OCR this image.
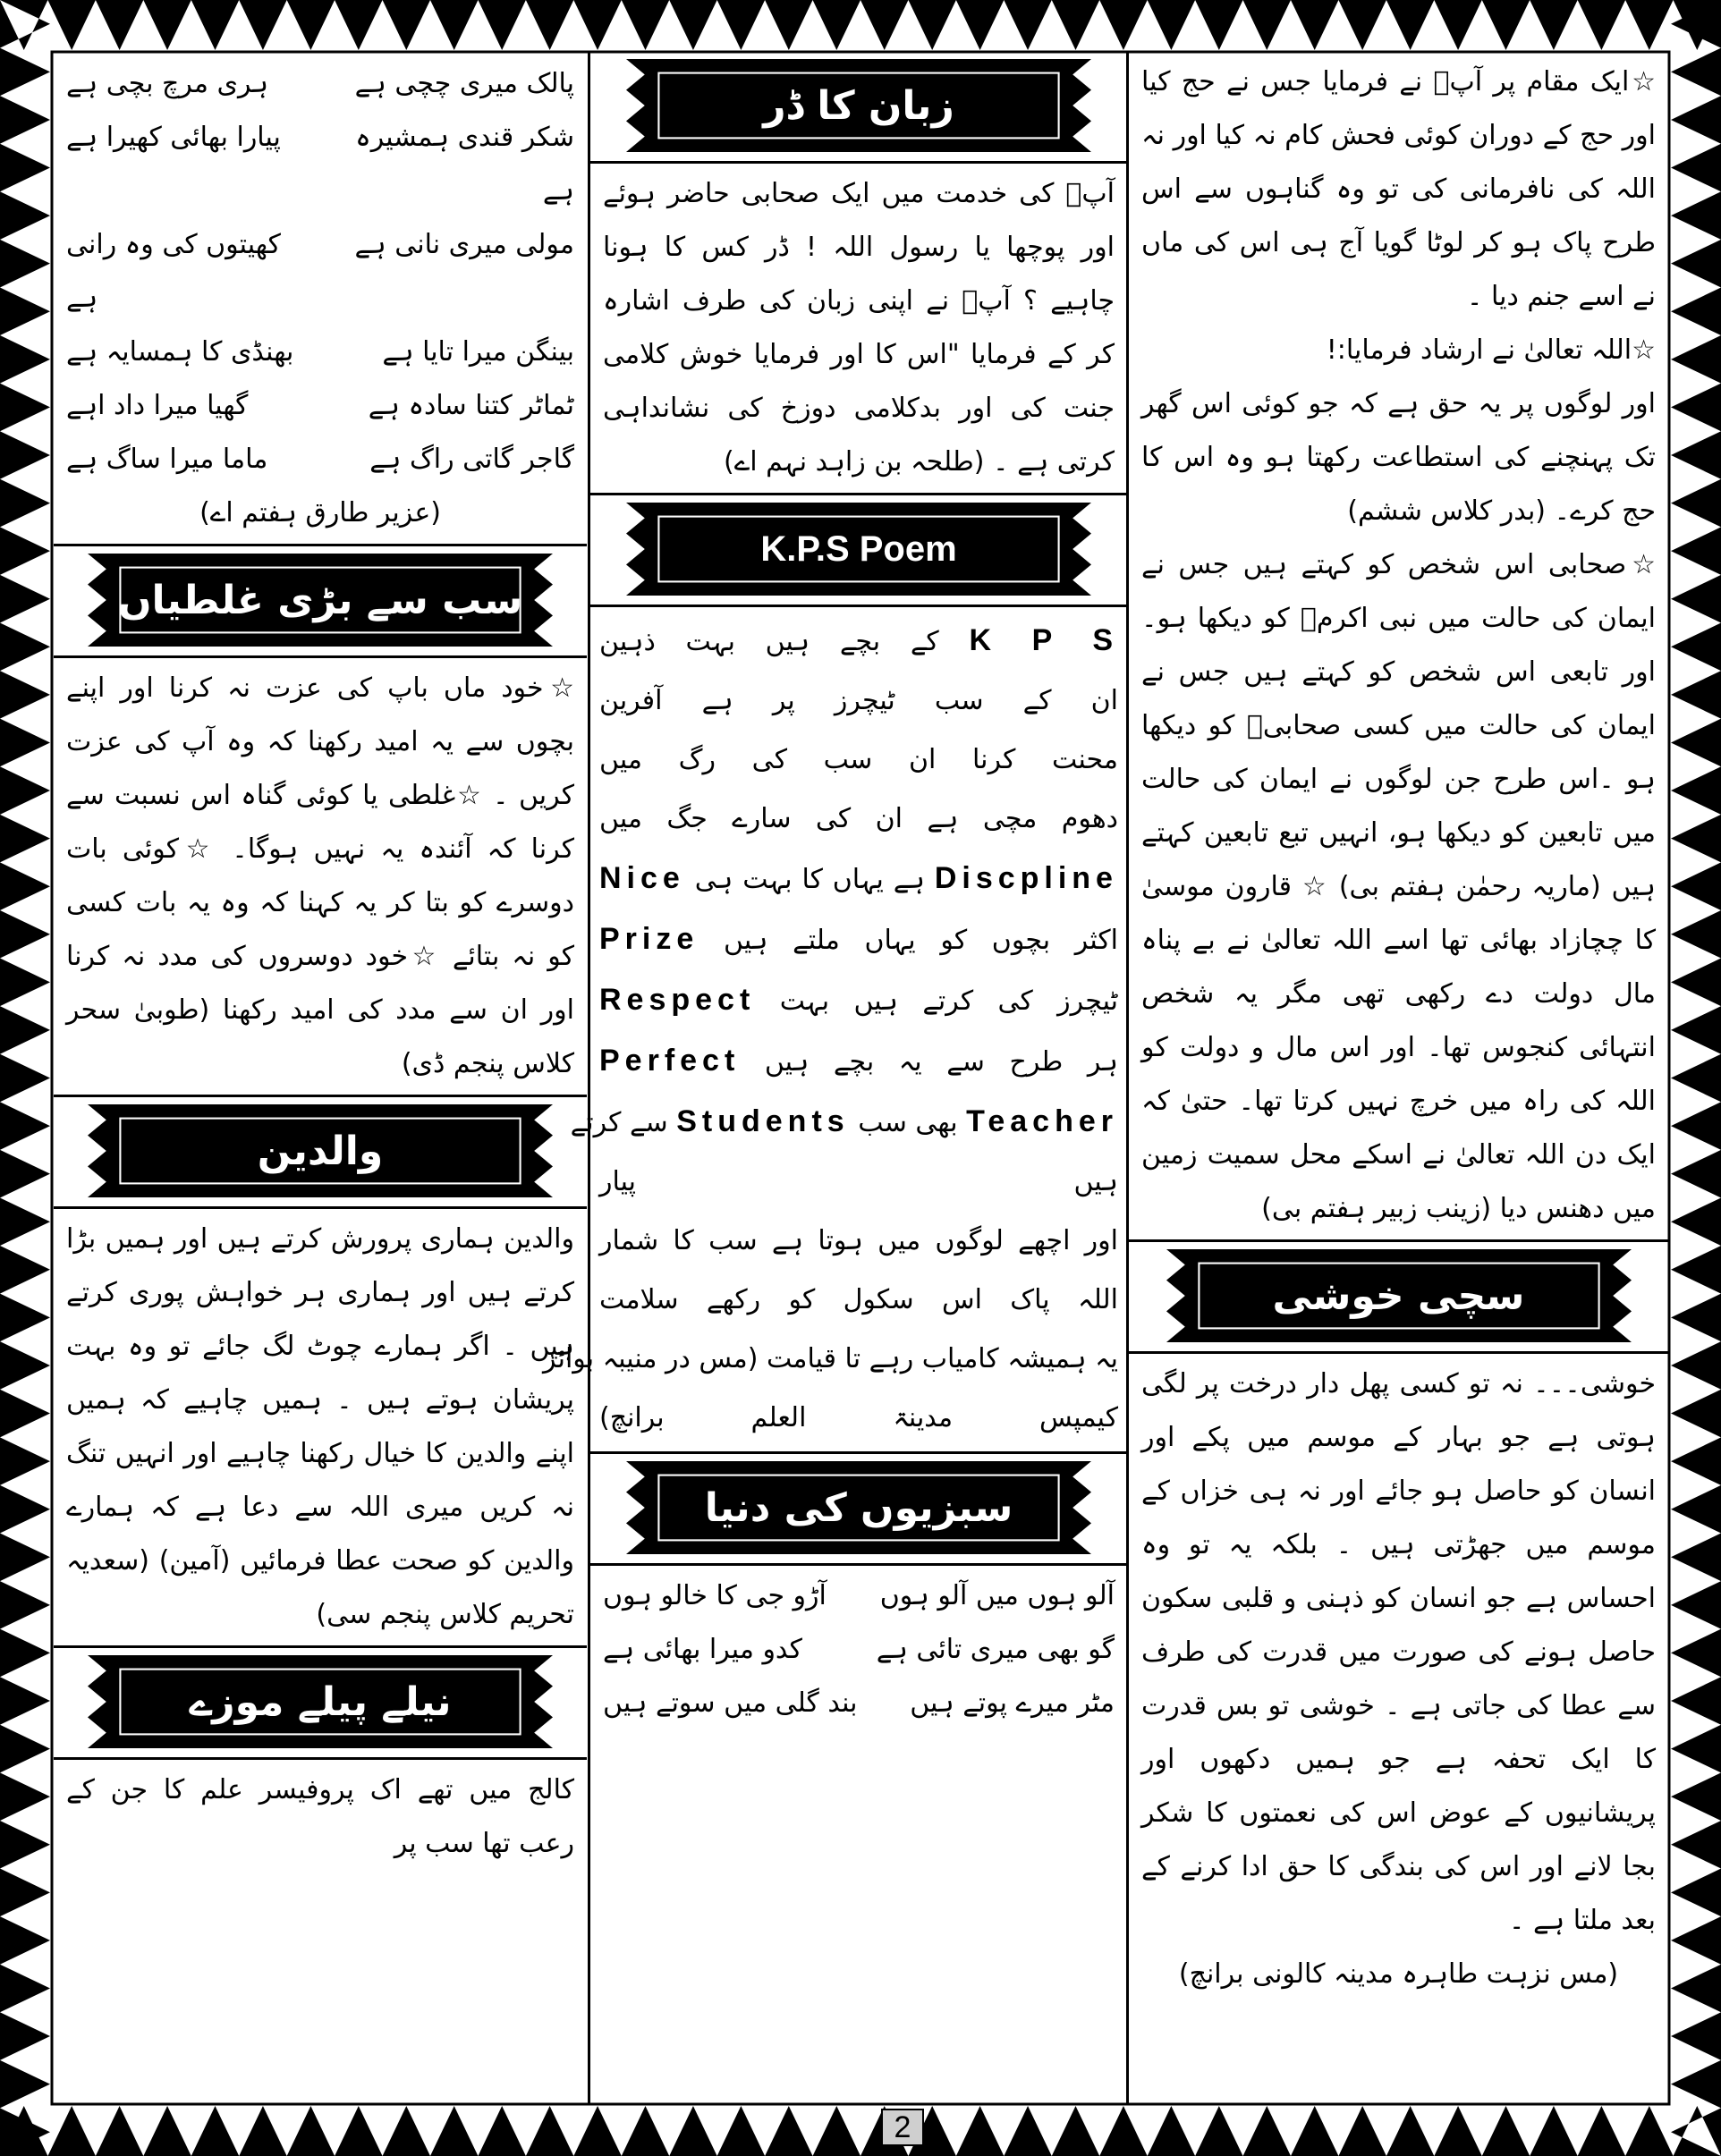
☆ایک مقام پر آپؐ نے فرمایا جس نے حج کیا اور حج کے دوران کوئی فحش کام نہ کیا اور نہ اللہ کی نافرمانی کی تو وہ گناہوں سے اس طرح پاک ہو کر لوٹا گویا آج ہی اس کی ماں نے اسے جنم دیا ۔

☆اللہ تعالیٰ نے ارشاد فرمایا:!

اور لوگوں پر یہ حق ہے کہ جو کوئی اس گھر تک پہنچنے کی استطاعت رکھتا ہو وہ اس کا حج کرے۔ (بدر کلاس ششم)

☆صحابی اس شخص کو کہتے ہیں جس نے ایمان کی حالت میں نبی اکرمؐ کو دیکھا ہو۔ اور تابعی اس شخص کو کہتے ہیں جس نے ایمان کی حالت میں کسی صحابیؓ کو دیکھا ہو ۔اس طرح جن لوگوں نے ایمان کی حالت میں تابعین کو دیکھا ہو، انہیں تبع تابعین کہتے ہیں (ماریہ رحمٰن ہفتم بی) ☆ قارون موسیٰ کا چچازاد بھائی تھا اسے اللہ تعالیٰ نے بے پناہ مال دولت دے رکھی تھی مگر یہ شخص انتہائی کنجوس تھا۔ اور اس مال و دولت کو اللہ کی راہ میں خرچ نہیں کرتا تھا۔ حتیٰ کہ ایک دن اللہ تعالیٰ نے اسکے محل سمیت زمین میں دھنس دیا (زینب زبیر ہفتم بی)

سچی خوشی

خوشی۔۔۔ نہ تو کسی پھل دار درخت پر لگی ہوتی ہے جو بہار کے موسم میں پکے اور انسان کو حاصل ہو جائے اور نہ ہی خزاں کے موسم میں جھڑتی ہیں ۔ بلکہ یہ تو وہ احساس ہے جو انسان کو ذہنی و قلبی سکون حاصل ہونے کی صورت میں قدرت کی طرف سے عطا کی جاتی ہے ۔ خوشی تو بس قدرت کا ایک تحفہ ہے جو ہمیں دکھوں اور پریشانیوں کے عوض اس کی نعمتوں کا شکر بجا لانے اور اس کی بندگی کا حق ادا کرنے کے بعد ملتا ہے ۔

(مس نزہت طاہرہ مدینہ کالونی برانچ)

زبان کا ڈر
آپؐ کی خدمت میں ایک صحابی حاضر ہوئے اور پوچھا یا رسول اللہ ! ڈر کس کا ہونا چاہیے ؟ آپؐ نے اپنی زبان کی طرف اشارہ کر کے فرمایا "اس کا اور فرمایا خوش کلامی جنت کی اور بدکلامی دوزخ کی نشانداہی کرتی ہے ۔ (طلحہ بن زاہد نہم اے)
K.P.S Poem
K P S کے بچے ہیں بہت ذہین
ان کے سب ٹیچرز پر ہے آفرین
محنت کرنا ان سب کی رگ میں
دھوم مچی ہے ان کی سارے جگ میں
Discpline ہے یہاں کا بہت ہی Nice
اکثر بچوں کو یہاں ملتے ہیں Prize
ٹیچرز کی کرتے ہیں بہت Respect
ہر طرح سے یہ بچے ہیں Perfect
Teacher بھی سب Students سے کرتے
ہیں پیار
اور اچھے لوگوں میں ہوتا ہے سب کا شمار
اللہ پاک اس سکول کو رکھے سلامت
یہ ہمیشہ کامیاب رہے تا قیامت (مس در منیبہ بوائز
کیمپس مدینۃ العلم برانچ)
سبزیوں کی دنیا
آلو ہوں میں آلو ہوں
آڑو جی کا خالو ہوں
گو بھی میری تائی ہے
کدو میرا بھائی ہے
مٹر میرے پوتے ہیں
بند گلی میں سوتے ہیں
پالک میری چچی ہے
ہری مرچ بچی ہے
شکر قندی ہمشیرہ ہے
پیارا بھائی کھیرا ہے
مولی میری نانی ہے
کھیتوں کی وہ رانی ہے
بینگن میرا تایا ہے
بھنڈی کا ہمسایہ ہے
ٹماٹر کتنا سادہ ہے
گھیا میرا داد اہے
گاجر گاتی راگ ہے
ماما میرا ساگ ہے
(عزیر طارق ہفتم اے)
سب سے بڑی غلطیاں
☆خود ماں باپ کی عزت نہ کرنا اور اپنے بچوں سے یہ امید رکھنا کہ وہ آپ کی عزت کریں ۔ ☆غلطی یا کوئی گناہ اس نسبت سے کرنا کہ آئندہ یہ نہیں ہوگا۔ ☆کوئی بات دوسرے کو بتا کر یہ کہنا کہ وہ یہ بات کسی کو نہ بتائے ☆خود دوسروں کی مدد نہ کرنا اور ان سے مدد کی امید رکھنا (طوبیٰ سحر کلاس پنجم ڈی)
والدین
والدین ہماری پرورش کرتے ہیں اور ہمیں بڑا کرتے ہیں اور ہماری ہر خواہش پوری کرتے ہیں ۔ اگر ہمارے چوٹ لگ جائے تو وہ بہت پریشان ہوتے ہیں ۔ ہمیں چاہیے کہ ہمیں اپنے والدین کا خیال رکھنا چاہیے اور انہیں تنگ نہ کریں میری اللہ سے دعا ہے کہ ہمارے والدین کو صحت عطا فرمائیں (آمین) (سعدیہ تحریم کلاس پنجم سی)
نیلے پیلے موزے
کالج میں تھے اک پروفیسر علم کا جن کے رعب تھا سب پر
2
